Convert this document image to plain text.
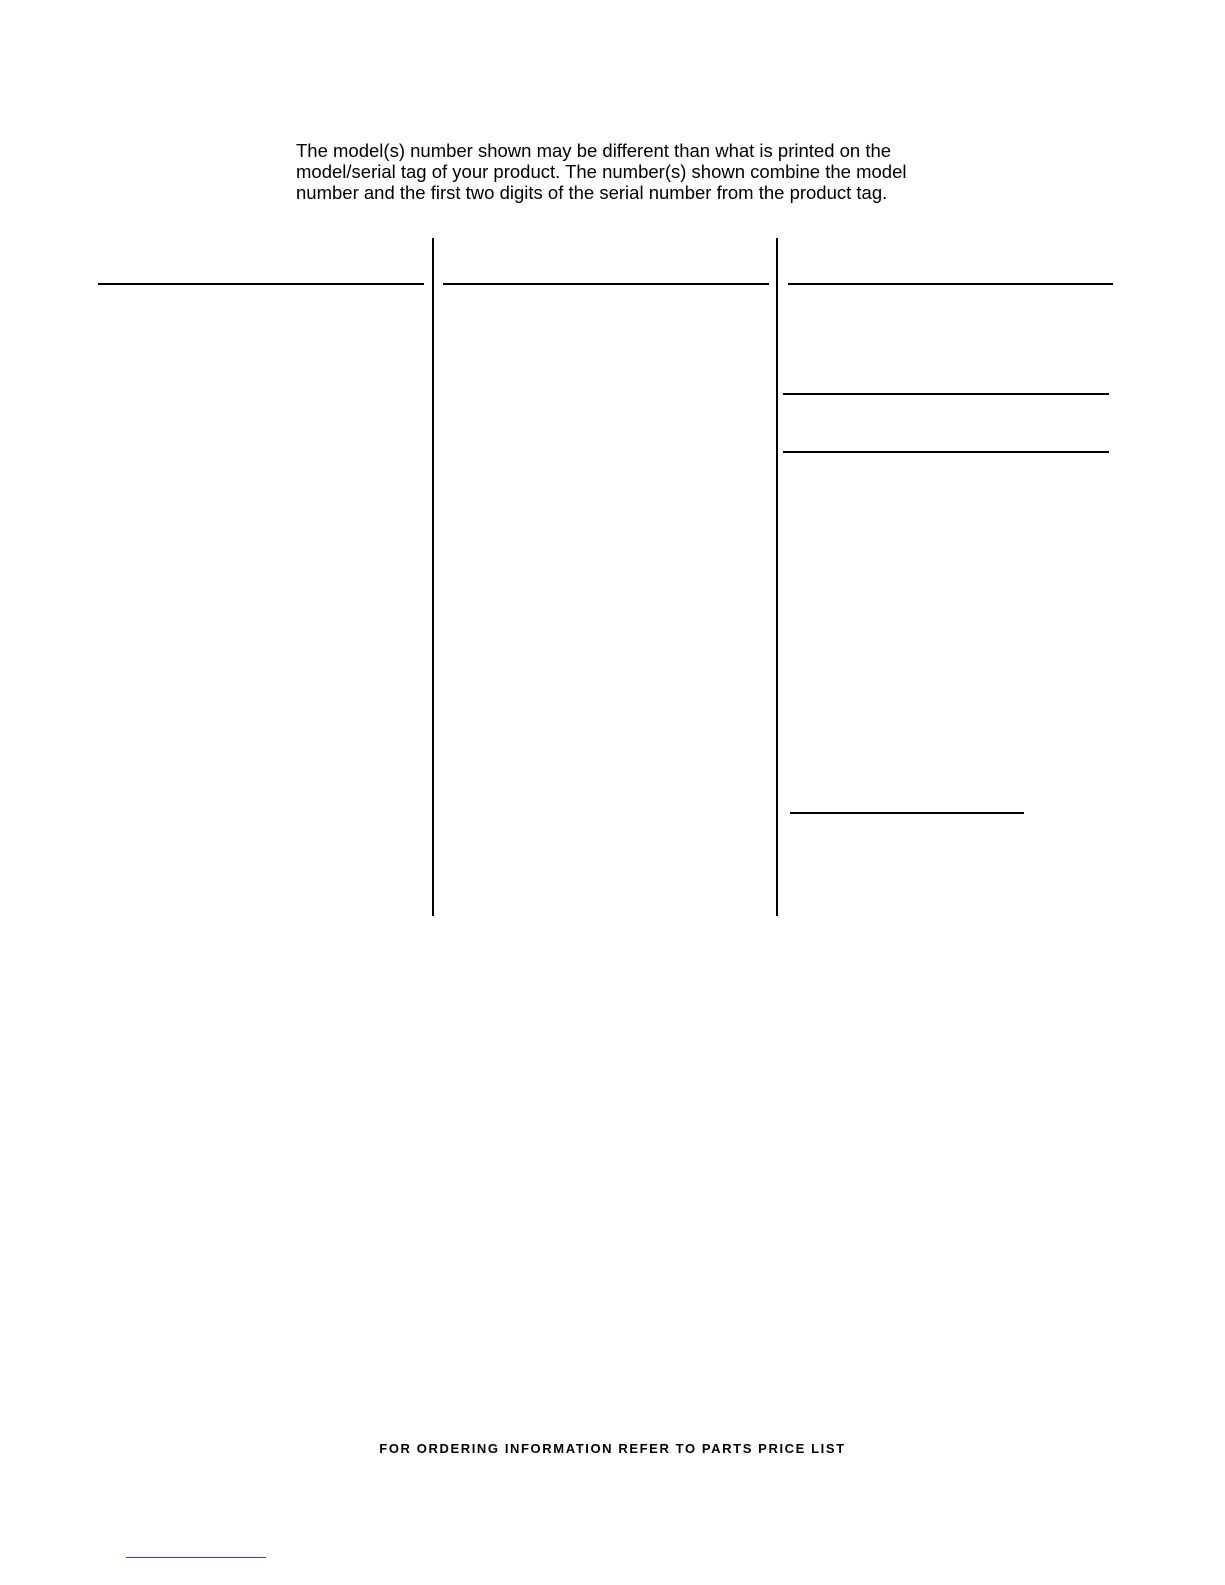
The model(s) number shown may be different than what is printed on the
model/serial tag of your product. The number(s) shown combine the model
number and the first two digits of the serial number from the product tag.

FOR ORDERING INFORMATION REFER TO PARTS PRICE LIST
